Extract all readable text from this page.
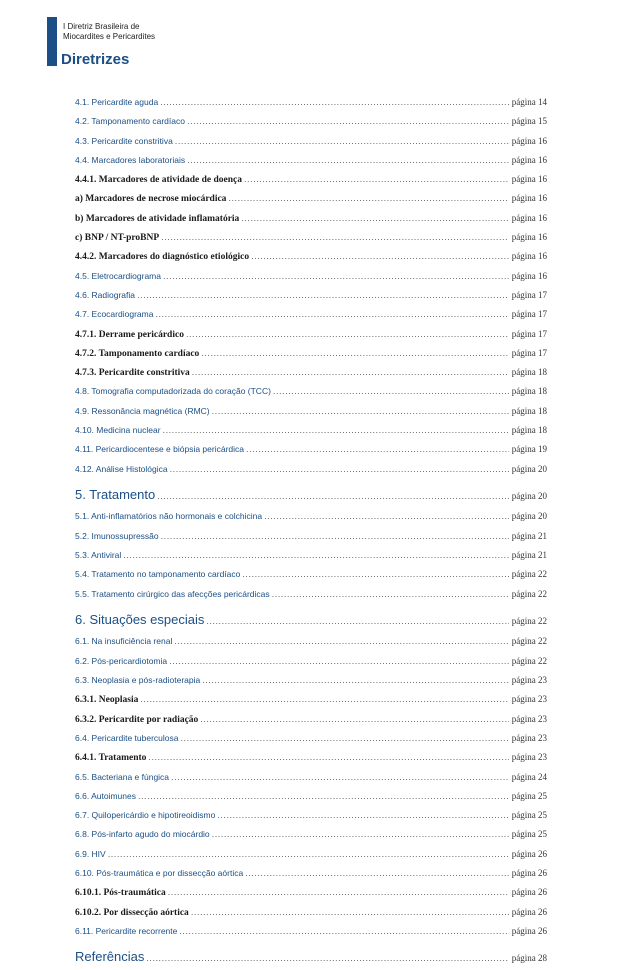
I Diretriz Brasileira de
Miocardites e Pericardites
Diretrizes
4.1. Pericardite aguda .....	página 14
4.2. Tamponamento cardíaco .....	página 15
4.3. Pericardite constritiva .....	página 16
4.4. Marcadores laboratoriais .....	página 16
4.4.1. Marcadores de atividade de doença .....	página 16
a) Marcadores de necrose miocárdica .....	página 16
b) Marcadores de atividade inflamatória .....	página 16
c) BNP / NT-proBNP .....	página 16
4.4.2. Marcadores do diagnóstico etiológico .....	página 16
4.5. Eletrocardiograma .....	página 16
4.6. Radiografia .....	página 17
4.7. Ecocardiograma .....	página 17
4.7.1. Derrame pericárdico .....	página 17
4.7.2. Tamponamento cardíaco .....	página 17
4.7.3. Pericardite constritiva .....	página 18
4.8. Tomografia computadorizada do coração (TCC) .....	página 18
4.9. Ressonância magnética (RMC) .....	página 18
4.10. Medicina nuclear .....	página 18
4.11. Pericardiocentese e biópsia pericárdica .....	página 19
4.12. Análise Histológica .....	página 20
5. Tratamento .....	página 20
5.1. Anti-inflamatórios não hormonais e colchicina .....	página 20
5.2. Imunossupressão .....	página 21
5.3. Antiviral .....	página 21
5.4. Tratamento no tamponamento cardíaco .....	página 22
5.5. Tratamento cirúrgico das afecções pericárdicas .....	página 22
6. Situações especiais .....	página 22
6.1. Na insuficiência renal .....	página 22
6.2. Pós-pericardiotomia .....	página 22
6.3. Neoplasia e pós-radioterapia .....	página 23
6.3.1. Neoplasia .....	página 23
6.3.2. Pericardite por radiação .....	página 23
6.4. Pericardite tuberculosa .....	página 23
6.4.1. Tratamento .....	página 23
6.5. Bacteriana e fúngica .....	página 24
6.6. Autoimunes .....	página 25
6.7. Quilopericárdio e hipotireoidismo .....	página 25
6.8. Pós-infarto agudo do miocárdio .....	página 25
6.9. HIV .....	página 26
6.10. Pós-traumática e por dissecção aórtica .....	página 26
6.10.1. Pós-traumática .....	página 26
6.10.2. Por dissecção aórtica .....	página 26
6.11. Pericardite recorrente .....	página 26
Referências .....	página 28
